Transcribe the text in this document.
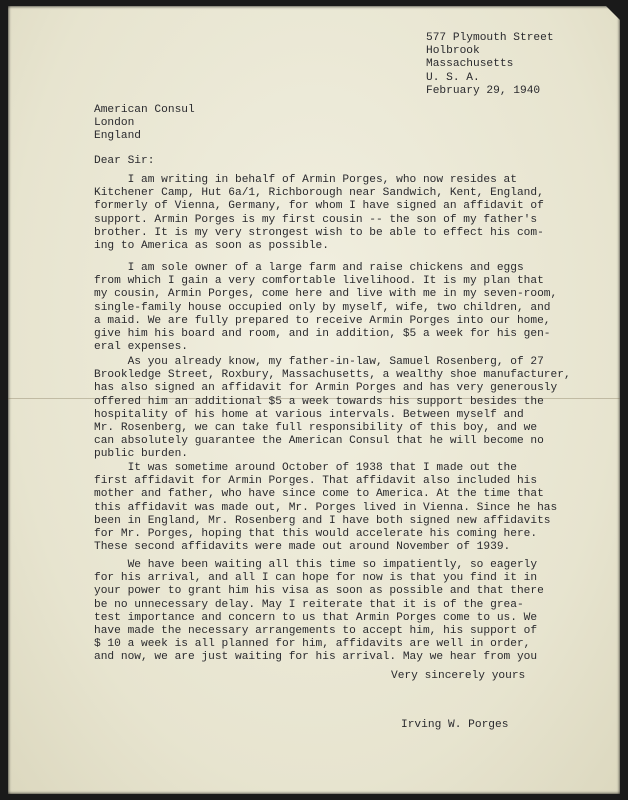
577 Plymouth Street
Holbrook
Massachusetts
U. S. A.
February 29, 1940
American Consul
London
England
Dear Sir:
I am writing in behalf of Armin Porges, who now resides at
Kitchener Camp, Hut 6a/1, Richborough near Sandwich, Kent, England,
formerly of Vienna, Germany, for whom I have signed an affidavit of
support. Armin Porges is my first cousin -- the son of my father's
brother. It is my very strongest wish to be able to effect his com-
ing to America as soon as possible.
I am sole owner of a large farm and raise chickens and eggs
from which I gain a very comfortable livelihood. It is my plan that
my cousin, Armin Porges, come here and live with me in my seven-room,
single-family house occupied only by myself, wife, two children, and
a maid. We are fully prepared to receive Armin Porges into our home,
give him his board and room, and in addition, $5 a week for his gen-
eral expenses.
As you already know, my father-in-law, Samuel Rosenberg, of 27
Brookledge Street, Roxbury, Massachusetts, a wealthy shoe manufacturer,
has also signed an affidavit for Armin Porges and has very generously
offered him an additional $5 a week towards his support besides the
hospitality of his home at various intervals. Between myself and
Mr. Rosenberg, we can take full responsibility of this boy, and we
can absolutely guarantee the American Consul that he will become no
public burden.
It was sometime around October of 1938 that I made out the
first affidavit for Armin Porges. That affidavit also included his
mother and father, who have since come to America. At the time that
this affidavit was made out, Mr. Porges lived in Vienna. Since he has
been in England, Mr. Rosenberg and I have both signed new affidavits
for Mr. Porges, hoping that this would accelerate his coming here.
These second affidavits were made out around November of 1939.
We have been waiting all this time so impatiently, so eagerly
for his arrival, and all I can hope for now is that you find it in
your power to grant him his visa as soon as possible and that there
be no unnecessary delay. May I reiterate that it is of the grea-
test importance and concern to us that Armin Porges come to us. We
have made the necessary arrangements to accept him, his support of
$ 10 a week is all planned for him, affidavits are well in order,
and now, we are just waiting for his arrival. May we hear from you
Very sincerely yours
Irving W. Porges
